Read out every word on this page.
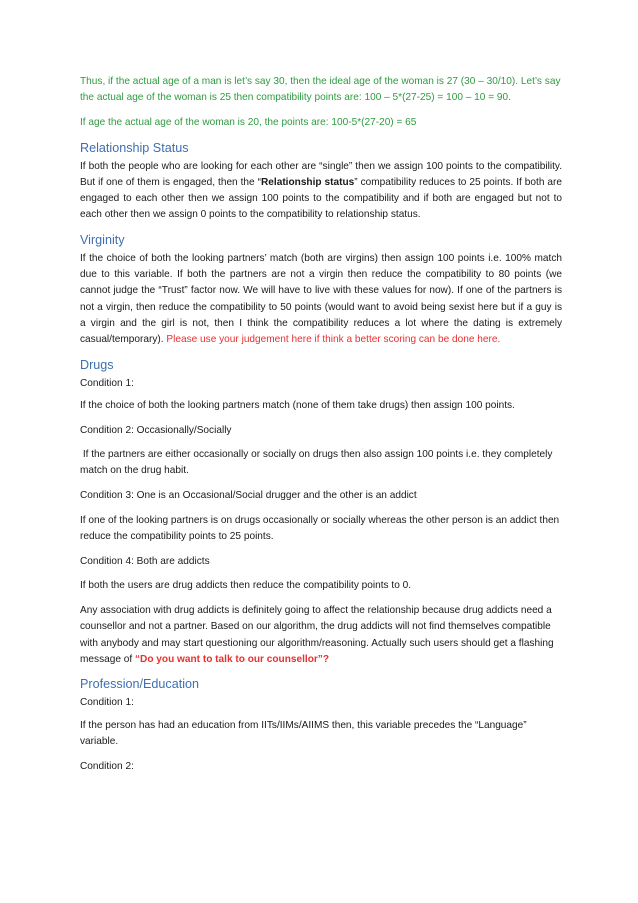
Thus, if the actual age of a man is let’s say 30, then the ideal age of the woman is 27 (30 – 30/10). Let’s say the actual age of the woman is 25 then compatibility points are: 100 – 5*(27-25) = 100 – 10 = 90.

If age the actual age of the woman is 20, the points are: 100-5*(27-20) = 65

Relationship Status

If both the people who are looking for each other are “single” then we assign 100 points to the compatibility. But if one of them is engaged, then the “Relationship status” compatibility reduces to 25 points. If both are engaged to each other then we assign 100 points to the compatibility and if both are engaged but not to each other then we assign 0 points to the compatibility to relationship status.

Virginity

If the choice of both the looking partners’ match (both are virgins) then assign 100 points i.e. 100% match due to this variable. If both the partners are not a virgin then reduce the compatibility to 80 points (we cannot judge the “Trust” factor now. We will have to live with these values for now). If one of the partners is not a virgin, then reduce the compatibility to 50 points (would want to avoid being sexist here but if a guy is a virgin and the girl is not, then I think the compatibility reduces a lot where the dating is extremely casual/temporary). Please use your judgement here if think a better scoring can be done here.

Drugs

Condition 1:

If the choice of both the looking partners match (none of them take drugs) then assign 100 points.

Condition 2: Occasionally/Socially

If the partners are either occasionally or socially on drugs then also assign 100 points i.e. they completely match on the drug habit.

Condition 3: One is an Occasional/Social drugger and the other is an addict

If one of the looking partners is on drugs occasionally or socially whereas the other person is an addict then reduce the compatibility points to 25 points.

Condition 4: Both are addicts

If both the users are drug addicts then reduce the compatibility points to 0.

Any association with drug addicts is definitely going to affect the relationship because drug addicts need a counsellor and not a partner. Based on our algorithm, the drug addicts will not find themselves compatible with anybody and may start questioning our algorithm/reasoning. Actually such users should get a flashing message of “Do you want to talk to our counsellor”?

Profession/Education

Condition 1:

If the person has had an education from IITs/IIMs/AIIMS then, this variable precedes the “Language” variable.

Condition 2:
